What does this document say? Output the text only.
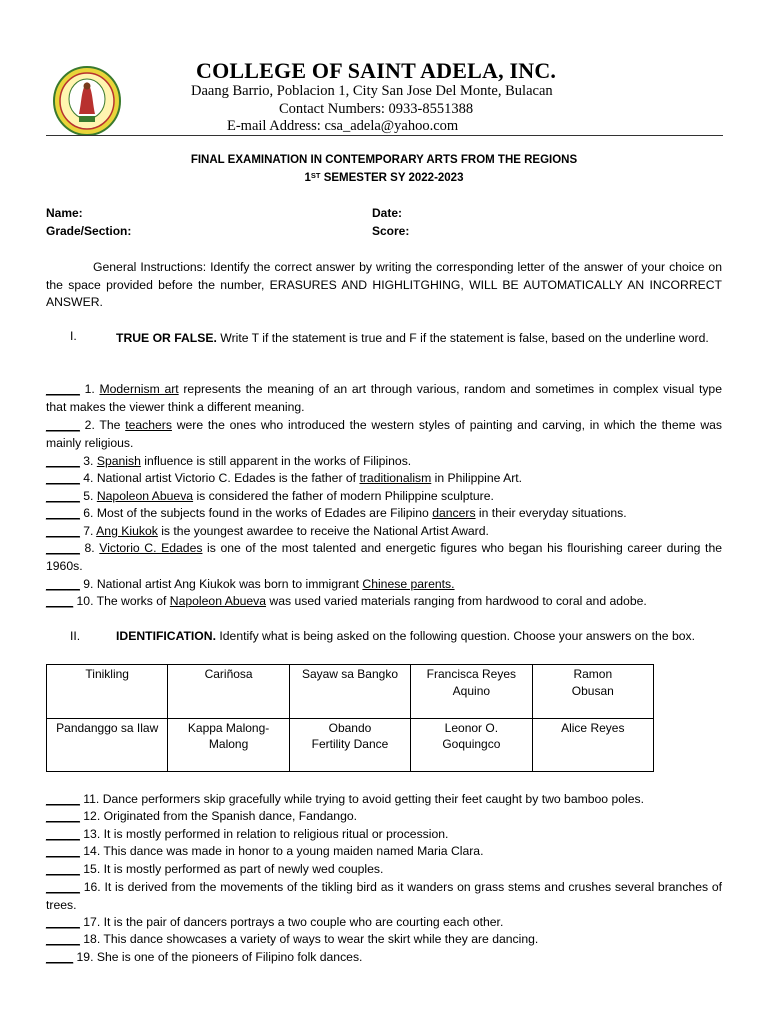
COLLEGE OF SAINT ADELA, INC.
Daang Barrio, Poblacion 1, City San Jose Del Monte, Bulacan
Contact Numbers: 0933-8551388
E-mail Address: csa_adela@yahoo.com
FINAL EXAMINATION IN CONTEMPORARY ARTS FROM THE REGIONS
1ST SEMESTER SY 2022-2023
Name:
Grade/Section:
Date:
Score:
General Instructions: Identify the correct answer by writing the corresponding letter of the answer of your choice on the space provided before the number, ERASURES AND HIGHLITGHING, WILL BE AUTOMATICALLY AN INCORRECT ANSWER.
I.	TRUE OR FALSE. Write T if the statement is true and F if the statement is false, based on the underline word.
_____ 1. Modernism art represents the meaning of an art through various, random and sometimes in complex visual type that makes the viewer think a different meaning.
_____ 2. The teachers were the ones who introduced the western styles of painting and carving, in which the theme was mainly religious.
_____ 3. Spanish influence is still apparent in the works of Filipinos.
_____ 4. National artist Victorio C. Edades is the father of traditionalism in Philippine Art.
_____ 5. Napoleon Abueva is considered the father of modern Philippine sculpture.
_____ 6. Most of the subjects found in the works of Edades are Filipino dancers in their everyday situations.
_____ 7. Ang Kiukok is the youngest awardee to receive the National Artist Award.
_____ 8. Victorio C. Edades is one of the most talented and energetic figures who began his flourishing career during the 1960s.
_____ 9. National artist Ang Kiukok was born to immigrant Chinese parents.
____ 10. The works of Napoleon Abueva was used varied materials ranging from hardwood to coral and adobe.
II.	IDENTIFICATION. Identify what is being asked on the following question. Choose your answers on the box.
Tinikling	Cariñosa	Sayaw sa Bangko	Francisca Reyes Aquino	Ramon Obusan
Pandanggo sa Ilaw	Kappa Malong-Malong	Obando Fertility Dance	Leonor O. Goquingco	Alice Reyes
_____ 11. Dance performers skip gracefully while trying to avoid getting their feet caught by two bamboo poles.
_____ 12. Originated from the Spanish dance, Fandango.
_____ 13. It is mostly performed in relation to religious ritual or procession.
_____ 14. This dance was made in honor to a young maiden named Maria Clara.
_____ 15. It is mostly performed as part of newly wed couples.
_____ 16. It is derived from the movements of the tikling bird as it wanders on grass stems and crushes several branches of trees.
_____ 17. It is the pair of dancers portrays a two couple who are courting each other.
_____ 18. This dance showcases a variety of ways to wear the skirt while they are dancing.
____ 19. She is one of the pioneers of Filipino folk dances.
